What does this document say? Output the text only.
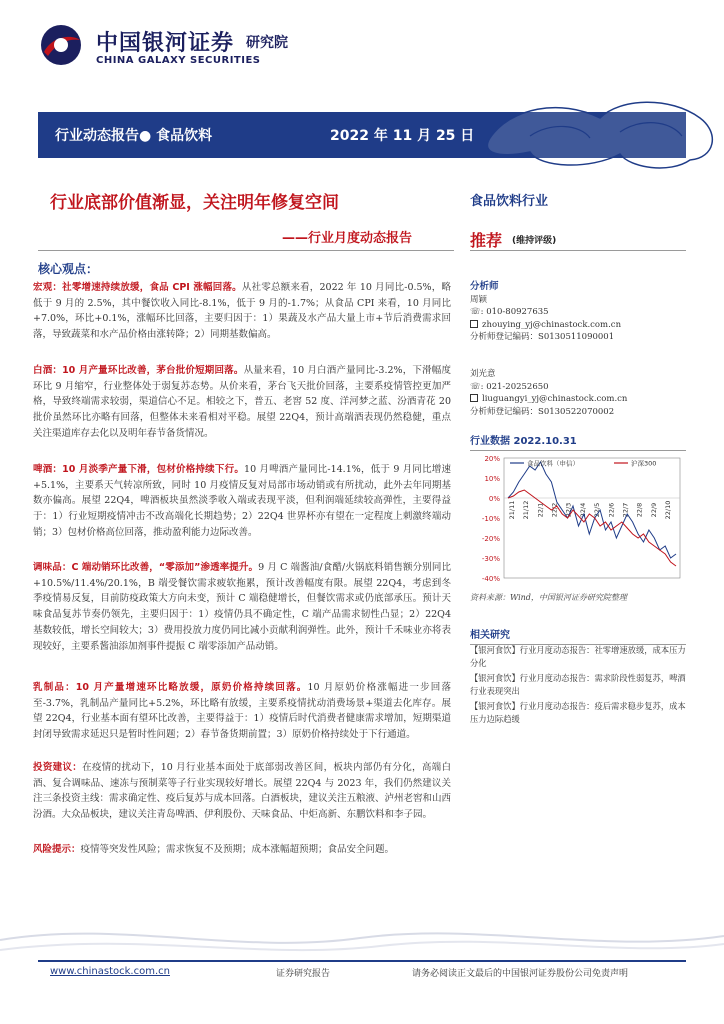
中国银河证券
CHINA GALAXY SECURITIES
研究院
行业动态报告● 食品饮料	2022 年 11 月 25 日
行业底部价值渐显，关注明年修复空间
——行业月度动态报告
食品饮料行业
推荐 (维持评级)
核心观点：
宏观：社零增速持续放缓，食品 CPI 涨幅回落。从社零总额来看，2022 年 10 月同比-0.5%，略低于 9 月的 2.5%，其中餐饮收入同比-8.1%，低于 9 月的-1.7%；从食品 CPI 来看，10 月同比+7.0%，环比+0.1%，涨幅环比回落，主要归因于：1）果蔬及水产品大量上市+节后消费需求回落，导致蔬菜和水产品价格由涨转降；2）同期基数偏高。
白酒：10 月产量环比改善，茅台批价短期回落。从量来看，10 月白酒产量同比-3.2%，下滑幅度环比 9 月缩窄，行业整体处于弱复苏态势。从价来看，茅台飞天批价回落，主要系疫情管控更加严格，导致终端需求较弱，渠道信心不足。相较之下，普五、老窖 52 度、洋河梦之蓝、汾酒青花 20 批价虽然环比亦略有回落，但整体未来看相对平稳。展望 22Q4，预计高端酒表现仍然稳健，重点关注渠道库存去化以及明年春节备货情况。
啤酒：10 月淡季产量下滑，包材价格持续下行。10 月啤酒产量同比-14.1%，低于 9 月同比增速+5.1%，主要系天气转凉所致，同时 10 月疫情反复对局部市场动销或有所扰动，此外去年同期基数亦偏高。展望 22Q4，啤酒板块虽然淡季收入端或表现平淡，但利润端延续较高弹性，主要得益于：1）行业短期疫情冲击不改高端化长期趋势；2）22Q4 世界杯亦有望在一定程度上刺激终端动销；3）包材价格高位回落，推动盈利能力边际改善。
调味品：C 端动销环比改善，“零添加”渗透率提升。9 月 C 端酱油/食醋/火锅底料销售额分别同比+10.5%/11.4%/20.1%，B 端受餐饮需求疲软拖累，预计改善幅度有限。展望 22Q4，考虑到冬季疫情易反复，目前防疫政策大方向未变，预计 C 端稳健增长，但餐饮需求或仍底部承压。预计天味食品复苏节奏仍领先，主要归因于：1）疫情仍具不确定性，C 端产品需求韧性凸显；2）22Q4 基数较低，增长空间较大；3）费用投放力度仍同比减小贡献利润弹性。此外，预计千禾味业亦将表现较好，主要系酱油添加剂事件提振 C 端零添加产品动销。
乳制品：10 月产量增速环比略放缓，原奶价格持续回落。10 月原奶价格涨幅进一步回落至-3.7%，乳制品产量同比+5.2%，环比略有放缓，主要系疫情扰动消费场景+渠道去化库存。展望 22Q4，行业基本面有望环比改善，主要得益于：1）疫情后时代消费者健康需求增加，短期渠道封闭导致需求延迟只是暂时性问题；2）春节备货期前置；3）原奶价格持续处于下行通道。
投资建议：在疫情的扰动下，10 月行业基本面处于底部弱改善区间，板块内部仍有分化，高端白酒、复合调味品、速冻与预制菜等子行业实现较好增长。展望 22Q4 与 2023 年，我们仍然建议关注三条投资主线：需求确定性、疫后复苏与成本回落。白酒板块，建议关注五粮液、泸州老窖和山西汾酒。大众品板块，建议关注青岛啤酒、伊利股份、天味食品、中炬高新、东鹏饮料和李子园。
风险提示：疫情等突发性风险；需求恢复不及预期；成本涨幅超预期；食品安全问题。
分析师
周颖
☏: 010-80927635
zhouying_yj@chinastock.com.cn
分析师登记编码：S0130511090001
刘光意
☏: 021-20252650
liuguangyi_yj@chinastock.com.cn
分析师登记编码：S0130522070002
行业数据 2022.10.31
20%
10%
0%
-10%
-20%
-30%
-40%
21/11 21/12 22/1 22/2 22/3 22/4 22/5 22/6 22/7 22/8 22/9 22/10
食品饮料（申信）	沪深300
资料来源：Wind，中国银河证券研究院整理
相关研究
【银河食饮】行业月度动态报告：社零增速放缓，成本压力分化
【银河食饮】行业月度动态报告：需求阶段性弱复苏，啤酒行业表现突出
【银河食饮】行业月度动态报告：疫后需求稳步复苏，成本压力边际趋缓
www.chinastock.com.cn	证券研究报告	请务必阅读正文最后的中国银河证券股份公司免责声明
